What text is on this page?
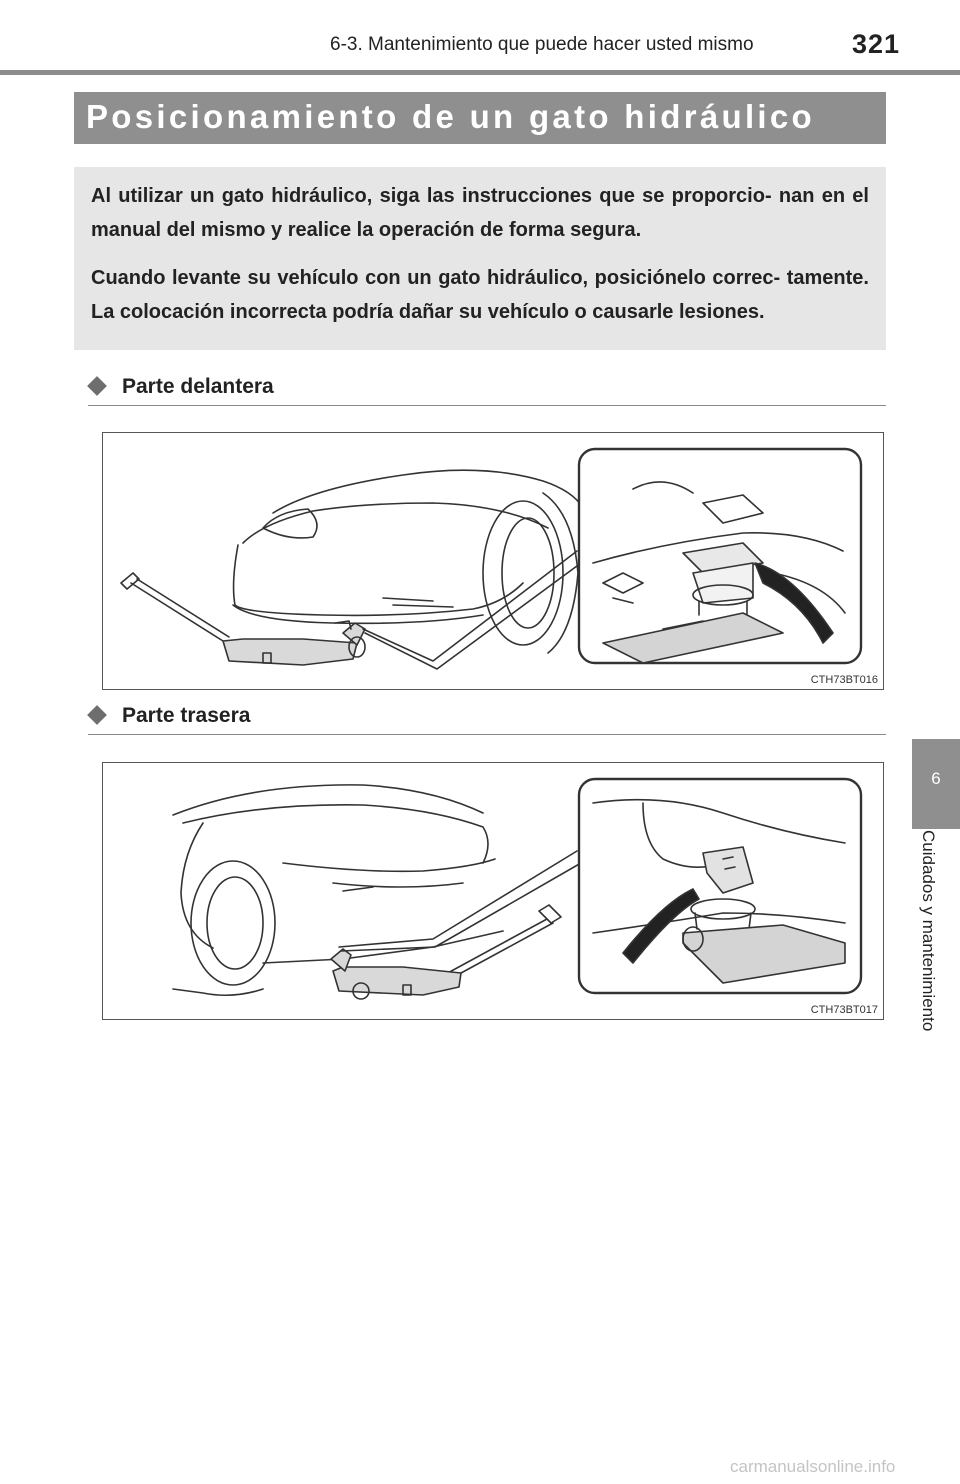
6-3. Mantenimiento que puede hacer usted mismo	321
Posicionamiento de un gato hidráulico

Al utilizar un gato hidráulico, siga las instrucciones que se proporcio- nan en el manual del mismo y realice la operación de forma segura.

Cuando levante su vehículo con un gato hidráulico, posiciónelo correc- tamente. La colocación incorrecta podría dañar su vehículo o causarle lesiones.

Parte delantera
CTH73BT016
Parte trasera
CTH73BT017
6
Cuidados y mantenimiento
carmanualsonline.info
